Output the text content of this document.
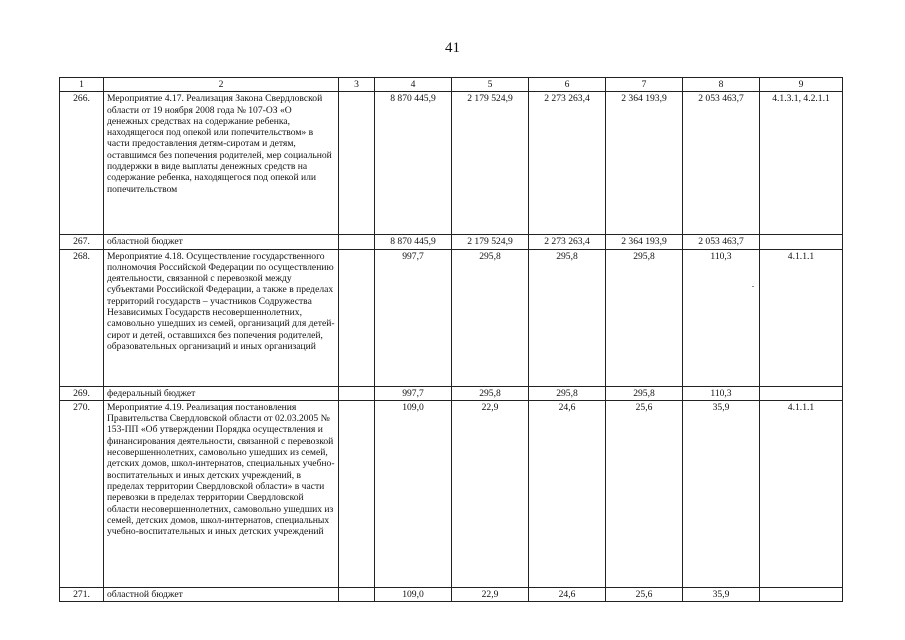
41
1	2	3	4	5	6	7	8	9
266.	Мероприятие 4.17. Реализация Закона Свердловской области от 19 ноября 2008 года № 107-ОЗ «О денежных средствах на содержание ребенка, находящегося под опекой или попечительством» в части предоставления детям-сиротам и детям, оставшимся без попечения родителей, мер социальной поддержки в виде выплаты денежных средств на содержание ребенка, находящегося под опекой или попечительством		8 870 445,9	2 179 524,9	2 273 263,4	2 364 193,9	2 053 463,7	4.1.3.1, 4.2.1.1
267.	областной бюджет		8 870 445,9	2 179 524,9	2 273 263,4	2 364 193,9	2 053 463,7	
268.	Мероприятие 4.18. Осуществление государственного полномочия Российской Федерации по осуществлению деятельности, связанной с перевозкой между субъектами Российской Федерации, а также в пределах территорий государств – участников Содружества Независимых Государств несовершеннолетних, самовольно ушедших из семей, организаций для детей-сирот и детей, оставшихся без попечения родителей, образовательных организаций и иных организаций		997,7	295,8	295,8	295,8	110,3	4.1.1.1
269.	федеральный бюджет		997,7	295,8	295,8	295,8	110,3	
270.	Мероприятие 4.19. Реализация постановления Правительства Свердловской области от 02.03.2005 № 153-ПП «Об утверждении Порядка осуществления и финансирования деятельности, связанной с перевозкой несовершеннолетних, самовольно ушедших из семей, детских домов, школ-интернатов, специальных учебно-воспитательных и иных детских учреждений, в пределах территории Свердловской области» в части перевозки в пределах территории Свердловской области несовершеннолетних, самовольно ушедших из семей, детских домов, школ-интернатов, специальных учебно-воспитательных и иных детских учреждений		109,0	22,9	24,6	25,6	35,9	4.1.1.1
271.	областной бюджет		109,0	22,9	24,6	25,6	35,9	
